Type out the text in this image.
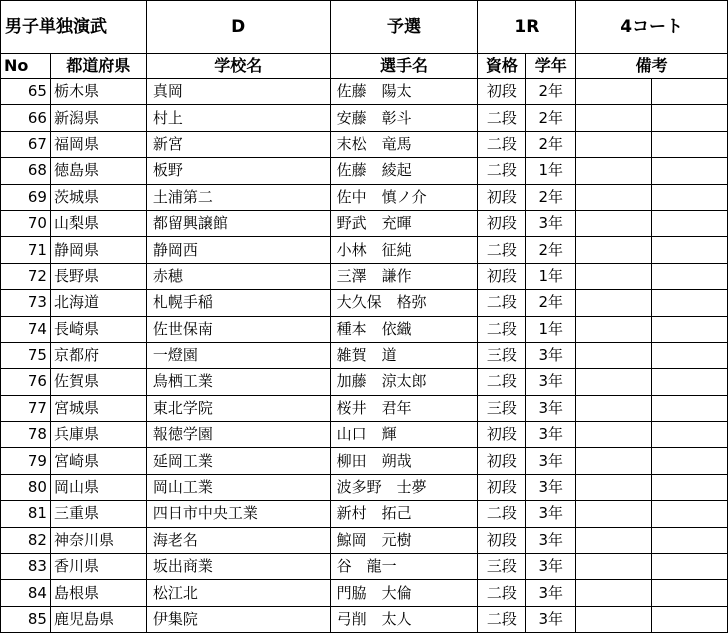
男子単独演武		D	予選	1R		4コート	
No	都道府県	学校名	選手名	資格	学年	備考	
65	栃木県	真岡	佐藤　陽太	初段	2年		
66	新潟県	村上	安藤　彰斗	二段	2年		
67	福岡県	新宮	末松　竜馬	二段	2年		
68	徳島県	板野	佐藤　綾起	二段	1年		
69	茨城県	土浦第二	佐中　慎ノ介	初段	2年		
70	山梨県	都留興譲館	野武　充暉	初段	3年		
71	静岡県	静岡西	小林　征純	二段	2年		
72	長野県	赤穂	三澤　謙作	初段	1年		
73	北海道	札幌手稲	大久保　格弥	二段	2年		
74	長崎県	佐世保南	種本　依織	二段	1年		
75	京都府	一燈園	雑賀　道	三段	3年		
76	佐賀県	鳥栖工業	加藤　涼太郎	二段	3年		
77	宮城県	東北学院	桜井　君年	三段	3年		
78	兵庫県	報徳学園	山口　輝	初段	3年		
79	宮崎県	延岡工業	柳田　朔哉	初段	3年		
80	岡山県	岡山工業	波多野　士夢	初段	3年		
81	三重県	四日市中央工業	新村　拓己	二段	3年		
82	神奈川県	海老名	鯨岡　元樹	初段	3年		
83	香川県	坂出商業	谷　龍一	三段	3年		
84	島根県	松江北	門脇　大倫	二段	3年		
85	鹿児島県	伊集院	弓削　太人	二段	3年		
